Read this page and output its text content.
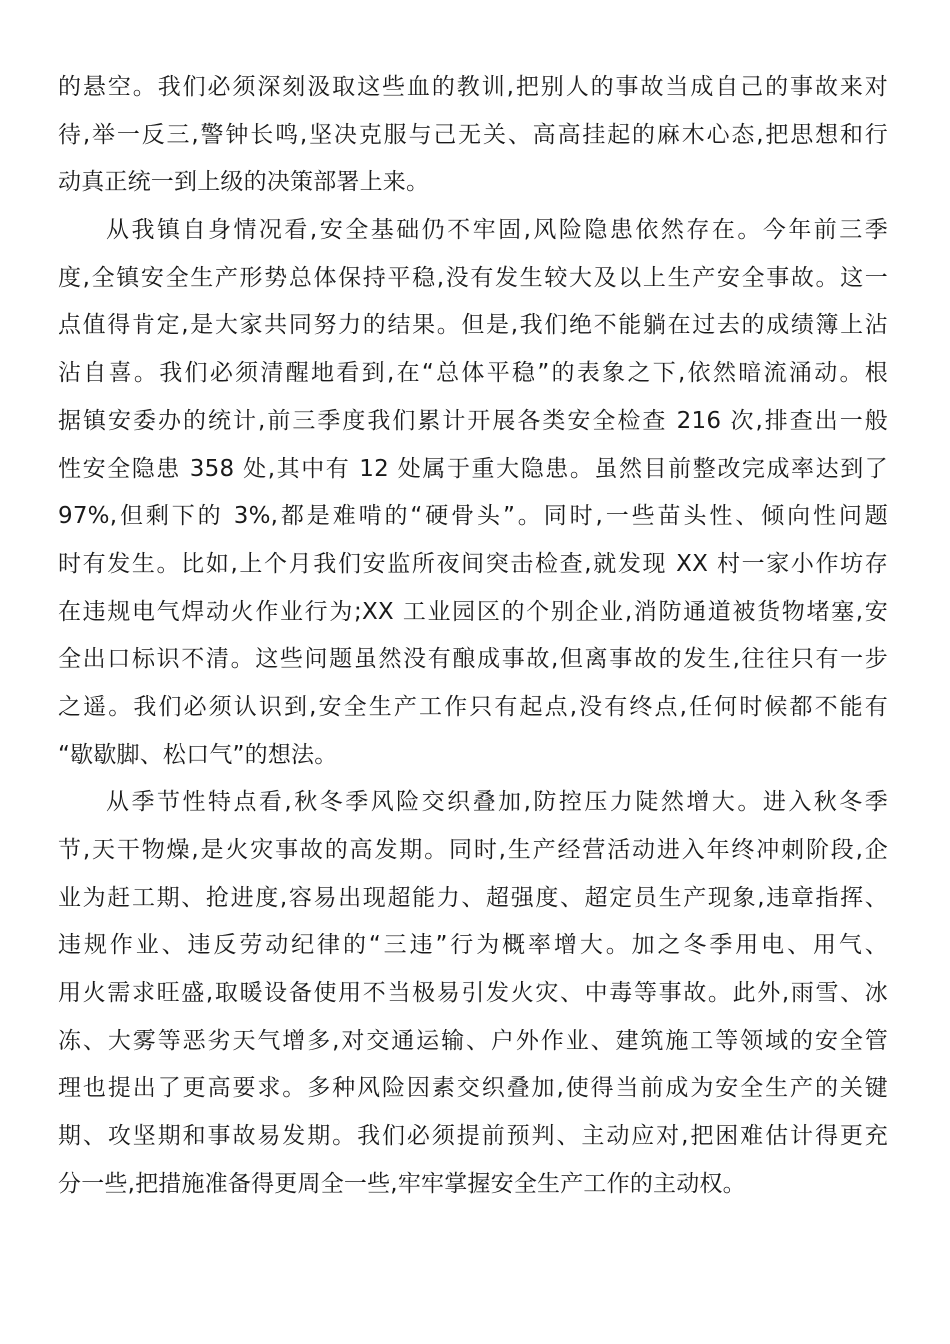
的悬空。我们必须深刻汲取这些血的教训,把别人的事故当成自己的事故来对
待,举一反三,警钟长鸣,坚决克服与己无关、高高挂起的麻木心态,把思想和行
动真正统一到上级的决策部署上来。
从我镇自身情况看,安全基础仍不牢固,风险隐患依然存在。今年前三季
度,全镇安全生产形势总体保持平稳,没有发生较大及以上生产安全事故。这一
点值得肯定,是大家共同努力的结果。但是,我们绝不能躺在过去的成绩簿上沾
沾自喜。我们必须清醒地看到,在“总体平稳”的表象之下,依然暗流涌动。根
据镇安委办的统计,前三季度我们累计开展各类安全检查 216 次,排查出一般
性安全隐患 358 处,其中有 12 处属于重大隐患。虽然目前整改完成率达到了
97%,但剩下的 3%,都是难啃的“硬骨头”。同时,一些苗头性、倾向性问题
时有发生。比如,上个月我们安监所夜间突击检查,就发现 XX 村一家小作坊存
在违规电气焊动火作业行为;XX 工业园区的个别企业,消防通道被货物堵塞,安
全出口标识不清。这些问题虽然没有酿成事故,但离事故的发生,往往只有一步
之遥。我们必须认识到,安全生产工作只有起点,没有终点,任何时候都不能有
“歇歇脚、松口气”的想法。
从季节性特点看,秋冬季风险交织叠加,防控压力陡然增大。进入秋冬季
节,天干物燥,是火灾事故的高发期。同时,生产经营活动进入年终冲刺阶段,企
业为赶工期、抢进度,容易出现超能力、超强度、超定员生产现象,违章指挥、
违规作业、违反劳动纪律的“三违”行为概率增大。加之冬季用电、用气、
用火需求旺盛,取暖设备使用不当极易引发火灾、中毒等事故。此外,雨雪、冰
冻、大雾等恶劣天气增多,对交通运输、户外作业、建筑施工等领域的安全管
理也提出了更高要求。多种风险因素交织叠加,使得当前成为安全生产的关键
期、攻坚期和事故易发期。我们必须提前预判、主动应对,把困难估计得更充
分一些,把措施准备得更周全一些,牢牢掌握安全生产工作的主动权。
